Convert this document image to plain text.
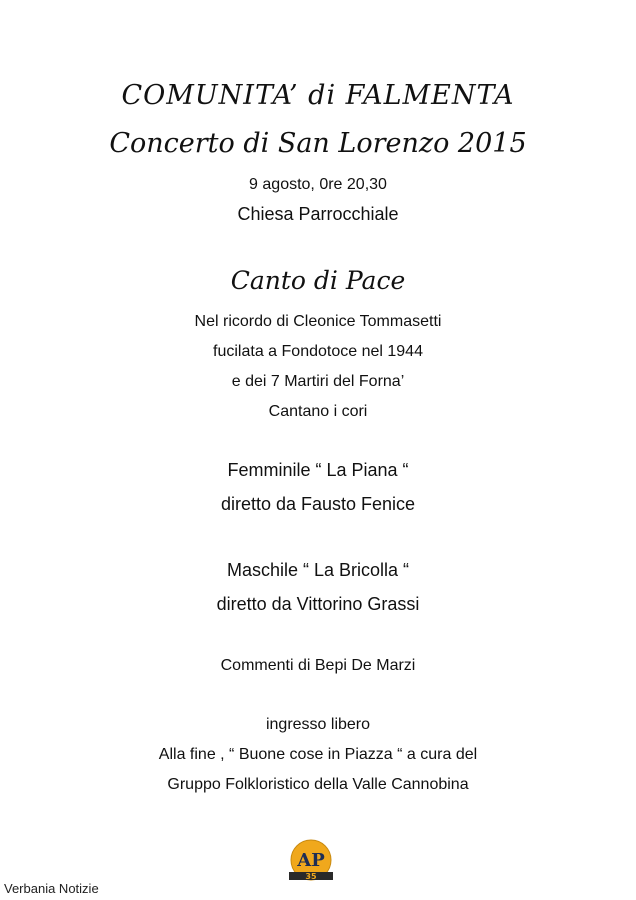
COMUNITA’ di FALMENTA
Concerto di San Lorenzo 2015
9 agosto, 0re 20,30
Chiesa Parrocchiale
Canto di Pace
Nel ricordo di Cleonice Tommasetti
fucilata a Fondotoce nel 1944
e dei 7 Martiri del Forna’
Cantano i cori
Femminile “ La Piana “
diretto da Fausto Fenice
Maschile “ La Bricolla “
diretto da Vittorino Grassi
Commenti di Bepi De Marzi
ingresso libero
Alla fine , “ Buone cose in Piazza “ a cura del
Gruppo Folkloristico della Valle Cannobina
AP
35
Verbania Notizie
